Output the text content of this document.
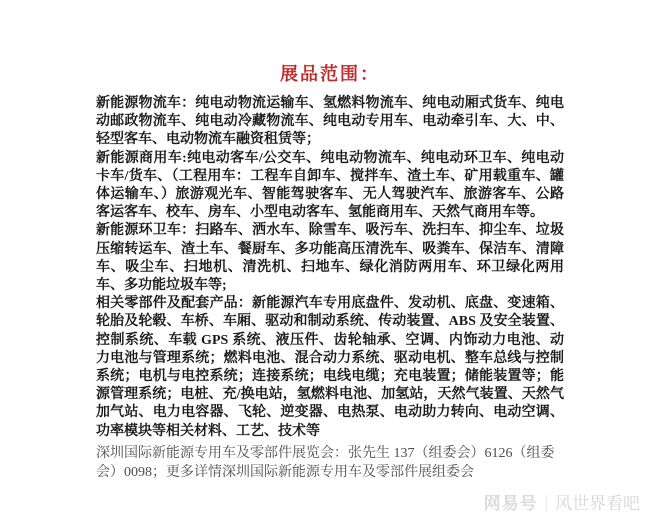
展品范围：

新能源物流车：纯电动物流运输车、氢燃料物流车、纯电动厢式货车、纯电动邮政物流车、纯电动冷藏物流车、纯电动专用车、电动牵引车、大、中、轻型客车、电动物流车融资租赁等；

新能源商用车:纯电动客车/公交车、纯电动物流车、纯电动环卫车、纯电动卡车/货车、（工程用车：工程车自卸车、搅拌车、渣土车、矿用载重车、罐体运输车、）旅游观光车、智能驾驶客车、无人驾驶汽车、旅游客车、公路客运客车、校车、房车、小型电动客车、氢能商用车、天然气商用车等。

新能源环卫车：扫路车、洒水车、除雪车、吸污车、洗扫车、抑尘车、垃圾压缩转运车、渣土车、餐厨车、多功能高压清洗车、吸粪车、保洁车、清障车、吸尘车、扫地机、清洗机、扫地车、绿化消防两用车、环卫绿化两用车、多功能垃圾车等;

相关零部件及配套产品：新能源汽车专用底盘件、发动机、底盘、变速箱、轮胎及轮毂、车桥、车厢、驱动和制动系统、传动装置、ABS 及安全装置、控制系统、车载 GPS 系统、液压件、齿轮轴承、空调、内饰动力电池、动力电池与管理系统；燃料电池、混合动力系统、驱动电机、整车总线与控制系统；电机与电控系统；连接系统；电线电缆；充电装置；储能装置等；能源管理系统；电桩、充/换电站，氢燃料电池、加氢站，天然气装置、天然气加气站、电力电容器、飞轮、逆变器、电热泵、电动助力转向、电动空调、功率模块等相关材料、工艺、技术等

深圳国际新能源专用车及零部件展览会：张先生 137（组委会）6126（组委会）0098；更多详情深圳国际新能源专用车及零部件展组委会
网易号 | 风世界看吧
